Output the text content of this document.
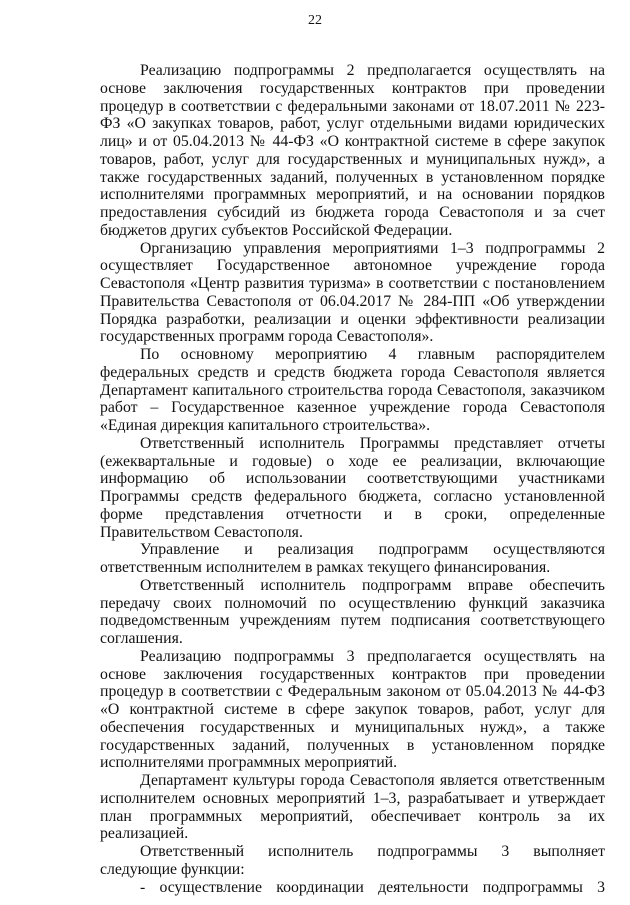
22

Реализацию подпрограммы 2 предполагается осуществлять на основе заключения государственных контрактов при проведении процедур в соответствии с федеральными законами от 18.07.2011 № 223-ФЗ «О закупках товаров, работ, услуг отдельными видами юридических лиц» и от 05.04.2013 № 44-ФЗ «О контрактной системе в сфере закупок товаров, работ, услуг для государственных и муниципальных нужд», а также государственных заданий, полученных в установленном порядке исполнителями программных мероприятий, и на основании порядков предоставления субсидий из бюджета города Севастополя и за счет бюджетов других субъектов Российской Федерации.

Организацию управления мероприятиями 1–3 подпрограммы 2 осуществляет Государственное автономное учреждение города Севастополя «Центр развития туризма» в соответствии с постановлением Правительства Севастополя от 06.04.2017 № 284-ПП «Об утверждении Порядка разработки, реализации и оценки эффективности реализации государственных программ города Севастополя».

По основному мероприятию 4 главным распорядителем федеральных средств и средств бюджета города Севастополя является Департамент капитального строительства города Севастополя, заказчиком работ – Государственное казенное учреждение города Севастополя «Единая дирекция капитального строительства».

Ответственный исполнитель Программы представляет отчеты (ежеквартальные и годовые) о ходе ее реализации, включающие информацию об использовании соответствующими участниками Программы средств федерального бюджета, согласно установленной форме представления отчетности и в сроки, определенные Правительством Севастополя.

Управление и реализация подпрограмм осуществляются ответственным исполнителем в рамках текущего финансирования.

Ответственный исполнитель подпрограмм вправе обеспечить передачу своих полномочий по осуществлению функций заказчика подведомственным учреждениям путем подписания соответствующего соглашения.

Реализацию подпрограммы 3 предполагается осуществлять на основе заключения государственных контрактов при проведении процедур в соответствии с Федеральным законом от 05.04.2013 № 44-ФЗ «О контрактной системе в сфере закупок товаров, работ, услуг для обеспечения государственных и муниципальных нужд», а также государственных заданий, полученных в установленном порядке исполнителями программных мероприятий.

Департамент культуры города Севастополя является ответственным исполнителем основных мероприятий 1–3, разрабатывает и утверждает план программных мероприятий, обеспечивает контроль за их реализацией.

Ответственный исполнитель подпрограммы 3 выполняет следующие функции:

- осуществление координации деятельности подпрограммы 3
